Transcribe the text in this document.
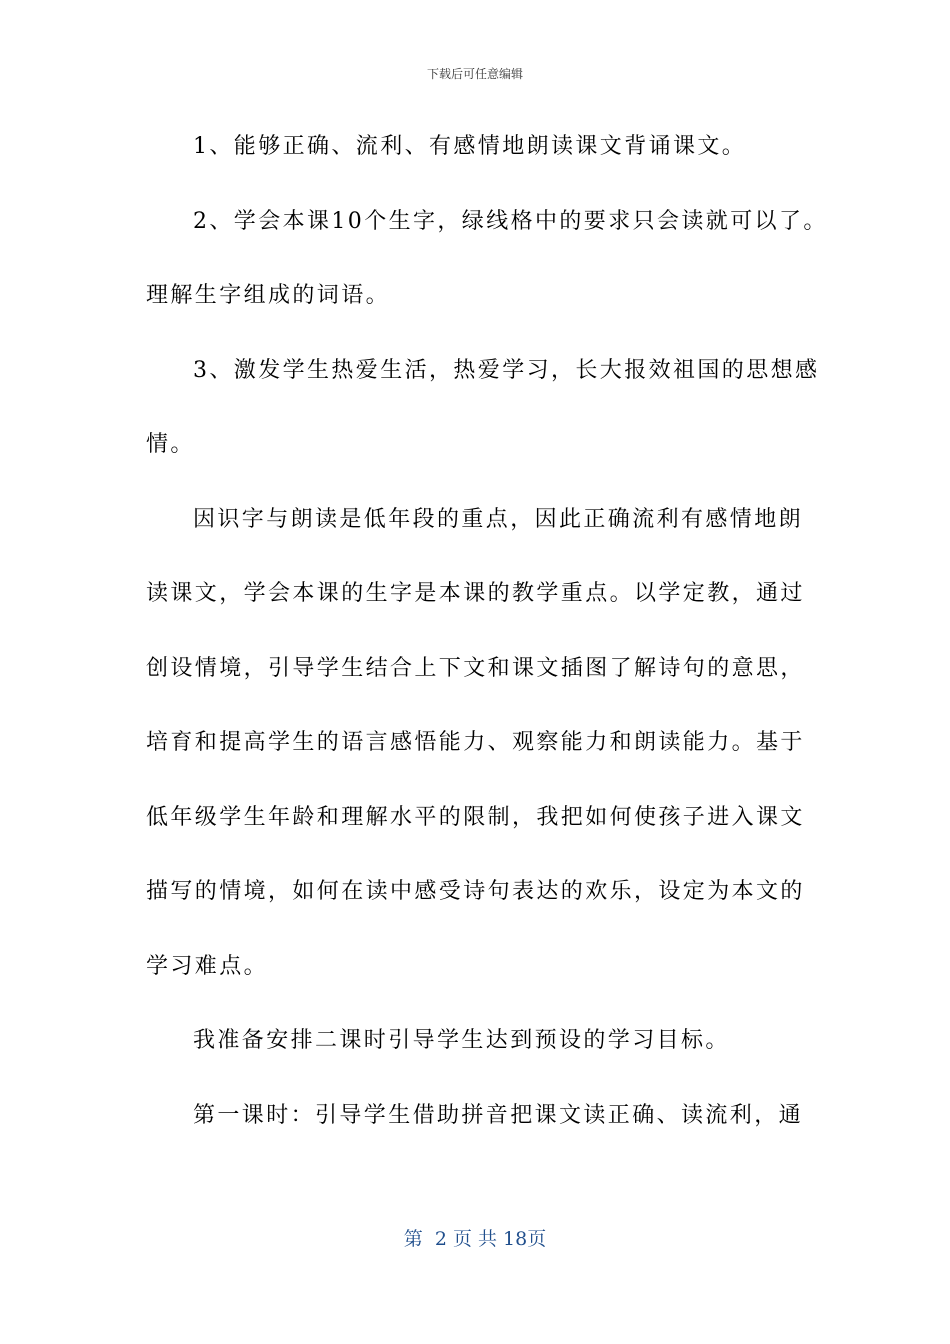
下载后可任意编辑
1、能够正确、流利、有感情地朗读课文背诵课文。
2、学会本课10个生字，绿线格中的要求只会读就可以了。
理解生字组成的词语。
3、激发学生热爱生活，热爱学习，长大报效祖国的思想感
情。
因识字与朗读是低年段的重点，因此正确流利有感情地朗
读课文，学会本课的生字是本课的教学重点。以学定教，通过
创设情境，引导学生结合上下文和课文插图了解诗句的意思，
培育和提高学生的语言感悟能力、观察能力和朗读能力。基于
低年级学生年龄和理解水平的限制，我把如何使孩子进入课文
描写的情境，如何在读中感受诗句表达的欢乐，设定为本文的
学习难点。
我准备安排二课时引导学生达到预设的学习目标。
第一课时：引导学生借助拼音把课文读正确、读流利，通
第  2 页 共 18页
